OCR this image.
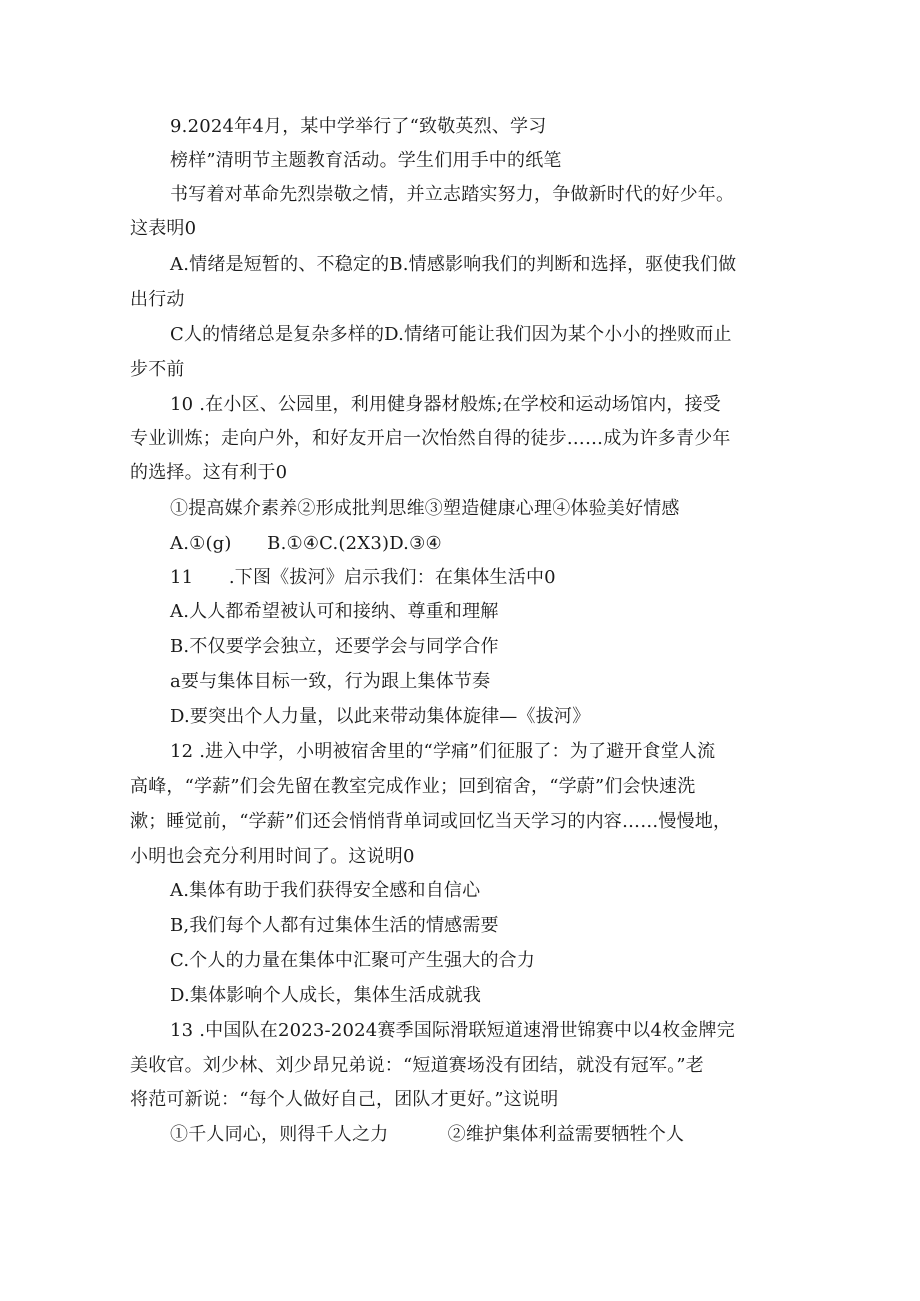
9.2024年4月，某中学举行了“致敬英烈、学习
榜样”清明节主题教育活动。学生们用手中的纸笔
书写着对革命先烈崇敬之情，并立志踏实努力，争做新时代的好少年。
这表明0
A.情绪是短暂的、不稳定的B.情感影响我们的判断和选择，驱使我们做
出行动
C人的情绪总是复杂多样的D.情绪可能让我们因为某个小小的挫败而止
步不前
10 .在小区、公园里，利用健身器材般炼;在学校和运动场馆内，接受
专业训炼；走向户外，和好友开启一次怡然自得的徒步……成为许多青少年
的选择。这有利于0
①提高媒介素养②形成批判思维③塑造健康心理④体验美好情感
A.①(g)      B.①④C.(2X3)D.③④
11      .下图《拔河》启示我们：在集体生活中0
A.人人都希望被认可和接纳、尊重和理解
B.不仅要学会独立，还要学会与同学合作
a要与集体目标一致，行为跟上集体节奏
D.要突出个人力量，以此来带动集体旋律—《拔河》
12 .进入中学，小明被宿舍里的“学痛”们征服了：为了避开食堂人流
高峰，“学薪”们会先留在教室完成作业；回到宿舍，“学蔚”们会快速洗
漱；睡觉前，“学薪”们还会悄悄背单词或回忆当天学习的内容……慢慢地，
小明也会充分利用时间了。这说明0
A.集体有助于我们获得安全感和自信心
B,我们每个人都有过集体生活的情感需要
C.个人的力量在集体中汇聚可产生强大的合力
D.集体影响个人成长，集体生活成就我
13 .中国队在2023-2024赛季国际滑联短道速滑世锦赛中以4枚金牌完
美收官。刘少林、刘少昂兄弟说：“短道赛场没有团结，就没有冠军。”老
将范可新说：“每个人做好自己，团队才更好。”这说明
①千人同心，则得千人之力          ②维护集体利益需要牺牲个人
